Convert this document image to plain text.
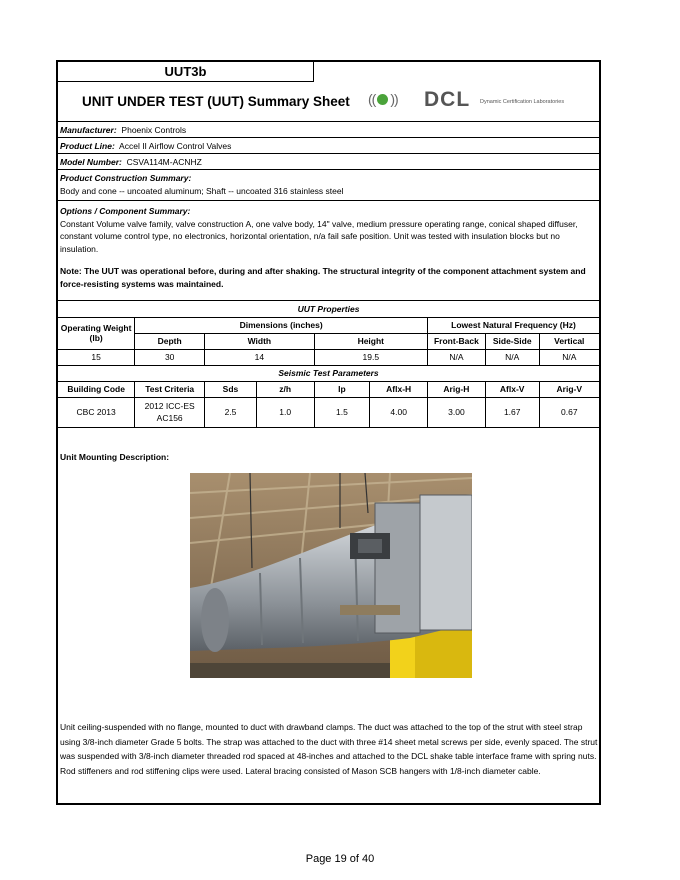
UUT3b
UNIT UNDER TEST (UUT) Summary Sheet (( )) DCL Dynamic Certification Laboratories
Manufacturer: Phoenix Controls
Product Line: Accel II Airflow Control Valves
Model Number: CSVA114M-ACNHZ
Product Construction Summary:
Body and cone -- uncoated aluminum; Shaft -- uncoated 316 stainless steel
Options / Component Summary:
Constant Volume valve family, valve construction A, one valve body, 14" valve, medium pressure operating range, conical shaped diffuser, constant volume control type, no electronics, horizontal orientation, n/a fail safe position. Unit was tested with insulation blocks but no insulation.
Note: The UUT was operational before, during and after shaking. The structural integrity of the component attachment system and force-resisting systems was maintained.
UUT Properties								
Operating Weight
(lb)	Dimensions (inches)					Lowest Natural Frequency (Hz)		
	Depth	Width		Height		Front-Back	Side-Side	Vertical
15	30	14		19.5		N/A	N/A	N/A
Seismic Test Parameters								
Building Code	Test Criteria	Sds	z/h	Ip	Aflx-H	Arig-H	Aflx-V	Arig-V
CBC 2013	2012 ICC-ES AC156	2.5	1.0	1.5	4.00	3.00	1.67	0.67
Unit Mounting Description:
Unit ceiling-suspended with no flange, mounted to duct with drawband clamps. The duct was attached to the top of the strut with steel strap using 3/8-inch diameter Grade 5 bolts. The strap was attached to the duct with three #14 sheet metal screws per side, evenly spaced. The strut was suspended with 3/8-inch diameter threaded rod spaced at 48-inches and attached to the DCL shake table interface frame with spring nuts. Rod stiffeners and rod stiffening clips were used. Lateral bracing consisted of Mason SCB hangers with 1/8-inch diameter cable.
Page 19 of 40
